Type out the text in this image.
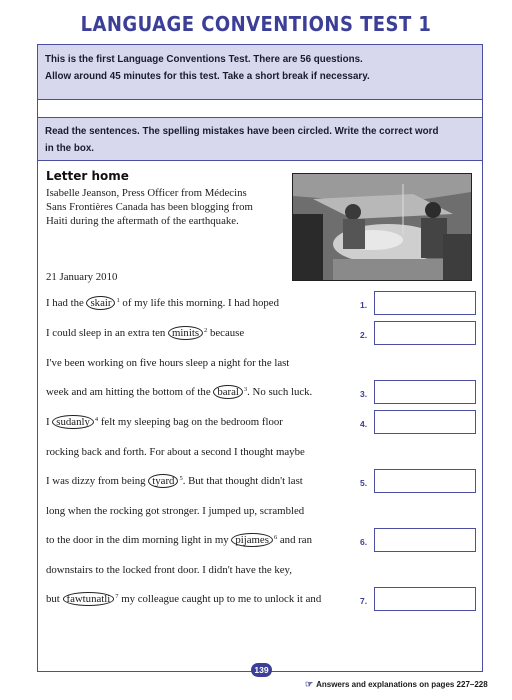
LANGUAGE CONVENTIONS TEST 1

This is the first Language Conventions Test. There are 56 questions.

Allow around 45 minutes for this test. Take a short break if necessary.

Read the sentences. The spelling mistakes have been circled. Write the correct word

in the box.

Letter home
Isabelle Jeanson, Press Officer from Médecins
Sans Frontières Canada has been blogging from
Haiti during the aftermath of the earthquake.
21 January 2010
I had the skair $^1$ of my life this morning. I had hoped
I could sleep in an extra ten minits $^2$ because
I've been working on five hours sleep a night for the last
week and am hitting the bottom of the baral $^3$. No such luck.
I sudanly $^4$ felt my sleeping bag on the bedroom floor
rocking back and forth. For about a second I thought maybe
I was dizzy from being tyard $^5$. But that thought didn't last
long when the rocking got stronger. I jumped up, scrambled
to the door in the dim morning light in my pijames $^6$ and ran
downstairs to the locked front door. I didn't have the key,
but fawtunatli $^7$ my colleague caught up to me to unlock it and
1.
2.
3.
4.
5.
6.
7.
139
☞ Answers and explanations on pages 227–228
